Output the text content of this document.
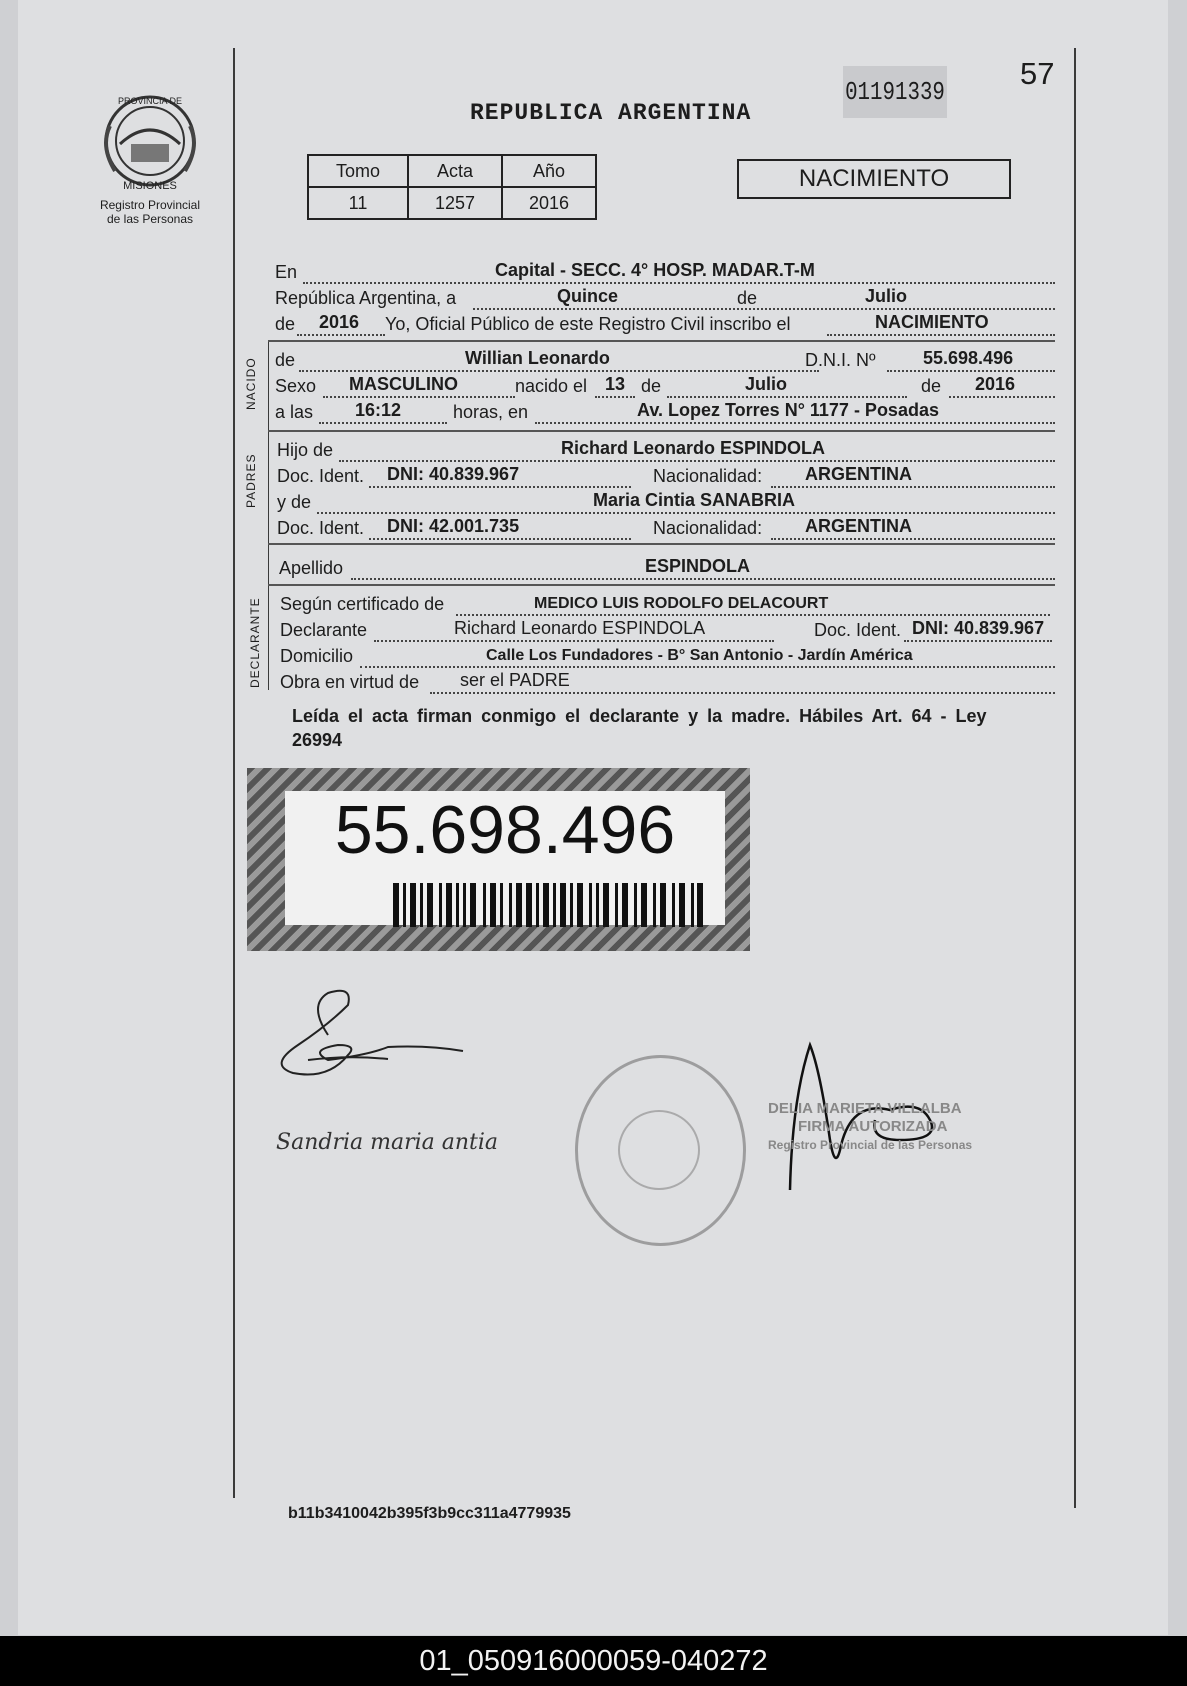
PROVINCIA DE
MISIONES
Registro Provincial
de las Personas
REPUBLICA ARGENTINA
01191339
57
Tomo	Acta	Año
11	1257	2016
NACIMIENTO
En	Capital - SECC. 4° HOSP. MADAR.T-M
República Argentina, a	Quince	de	Julio
de 2016 Yo, Oficial Público de este Registro Civil inscribo el	NACIMIENTO
NACIDO de	Willian Leonardo	D.N.I. Nº	55.698.496
Sexo MASCULINO	nacido el 13 de	Julio	de 2016
a las 16:12	horas, en	Av. Lopez Torres N° 1177 - Posadas
PADRES
Hijo de	Richard Leonardo ESPINDOLA
Doc. Ident. DNI: 40.839.967	Nacionalidad: ARGENTINA
y de	Maria Cintia SANABRIA
Doc. Ident. DNI: 42.001.735	Nacionalidad: ARGENTINA
Apellido	ESPINDOLA
DECLARANTE Según certificado de	MEDICO LUIS RODOLFO DELACOURT
Declarante	Richard Leonardo ESPINDOLA	Doc. Ident. DNI: 40.839.967
Domicilio	Calle Los Fundadores - B° San Antonio - Jardín América
Obra en virtud de ser el PADRE
Leída el acta firman conmigo el declarante y la madre. Hábiles Art. 64 - Ley 26994
55.698.496
Sandria maria antia
DELIA MARIETA VILLALBA
FIRMA AUTORIZADA
Registro Provincial de las Personas
b11b3410042b395f3b9cc311a4779935
01_050916000059-040272
